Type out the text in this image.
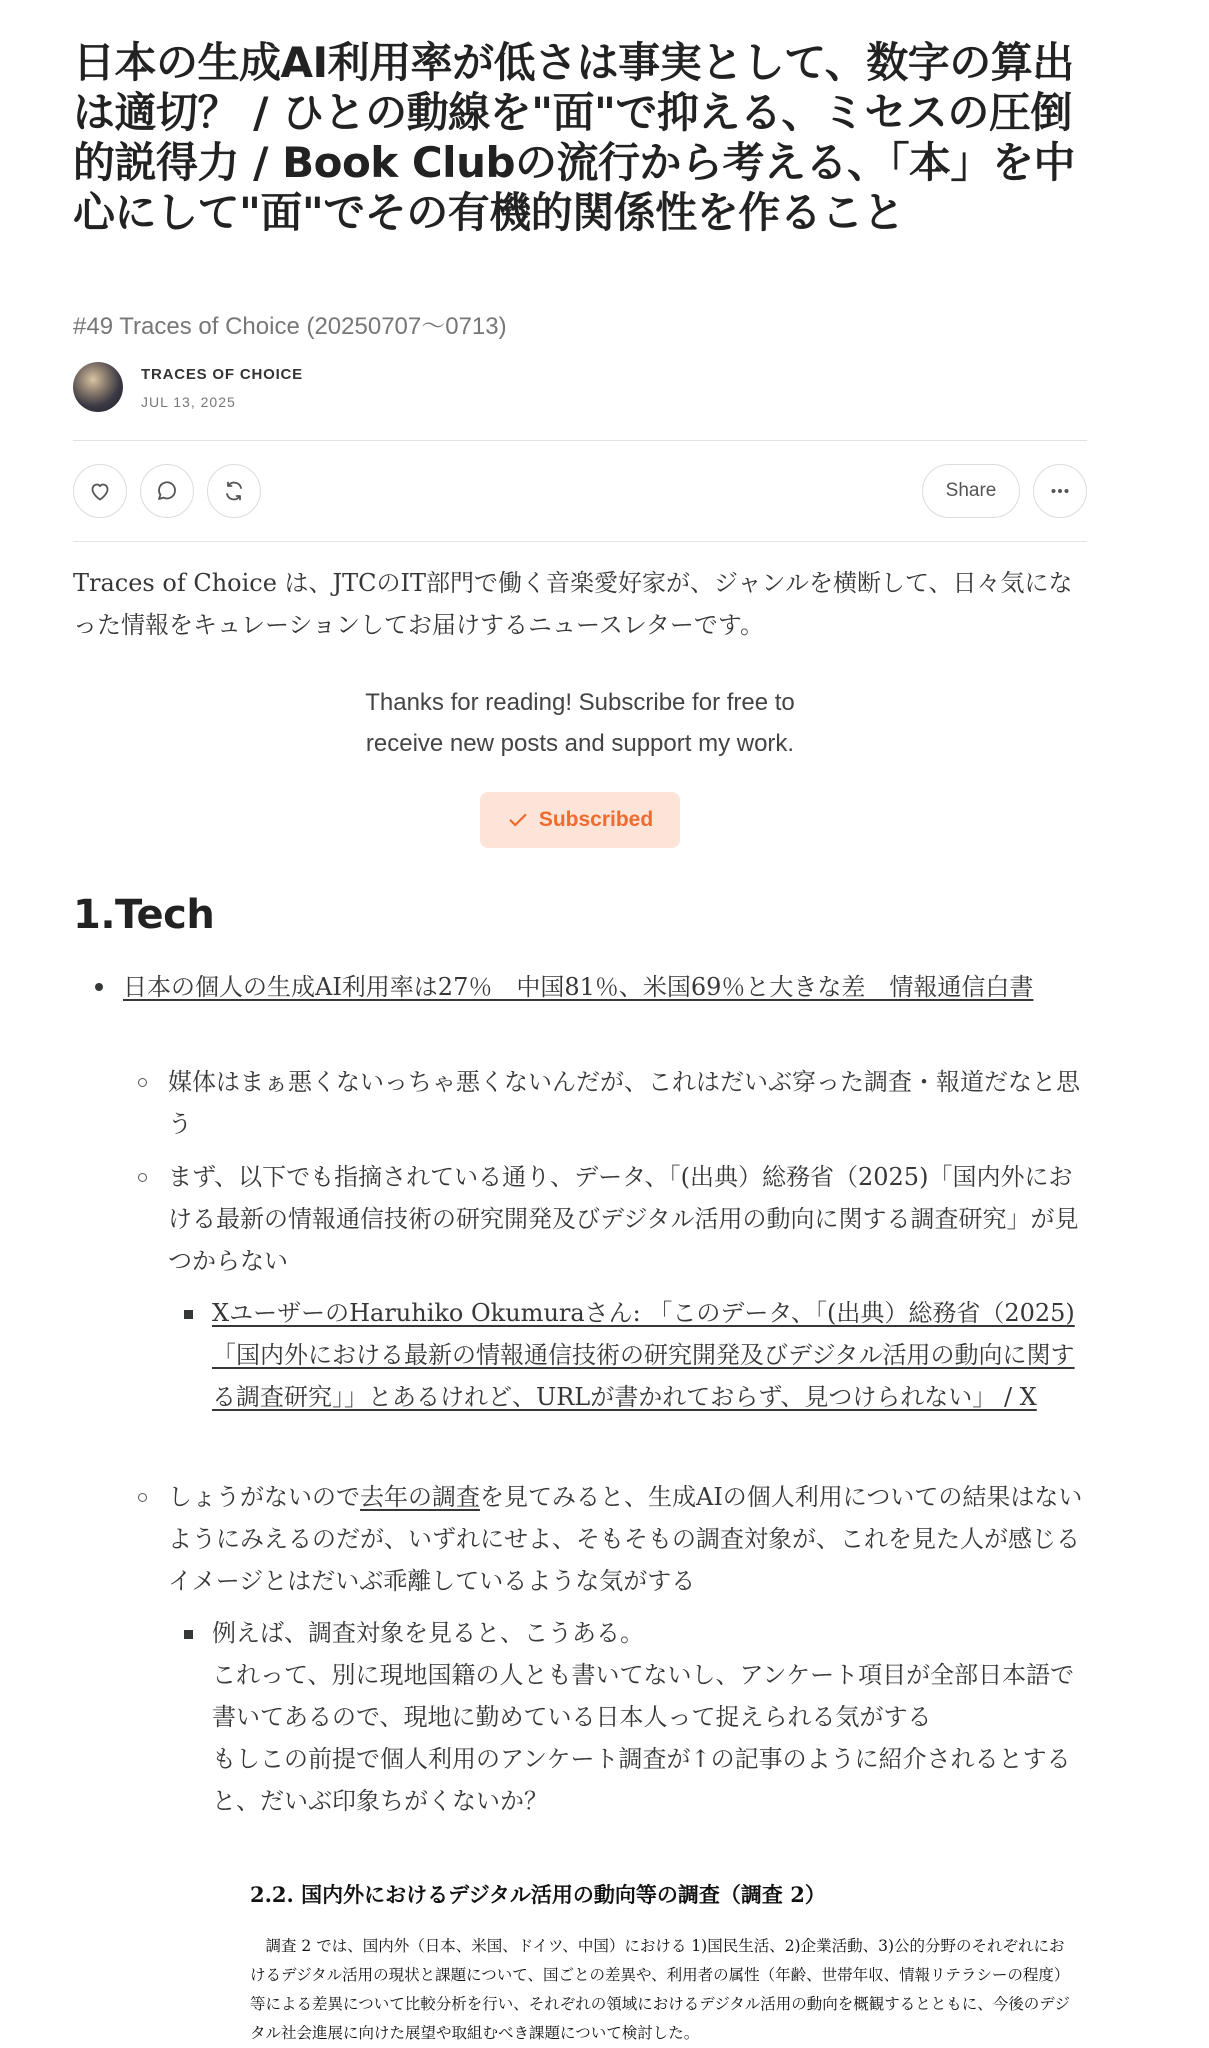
日本の生成AI利用率が低さは事実として、数字の算出は適切？ / ひとの動線を"面"で抑える、ミセスの圧倒的説得力 / Book Clubの流行から考える、「本」を中心にして"面"でその有機的関係性を作ること
#49 Traces of Choice (20250707〜0713)
TRACES OF CHOICE
JUL 13, 2025
Share
Traces of Choice は、JTCのIT部門で働く音楽愛好家が、ジャンルを横断して、日々気になった情報をキュレーションしてお届けするニュースレターです。
Thanks for reading! Subscribe for free to
receive new posts and support my work.
Subscribed
1.Tech
日本の個人の生成AI利用率は27％　中国81％、米国69％と大きな差　情報通信白書
媒体はまぁ悪くないっちゃ悪くないんだが、これはだいぶ穿った調査・報道だなと思う
まず、以下でも指摘されている通り、データ、「(出典）総務省（2025)「国内外における最新の情報通信技術の研究開発及びデジタル活用の動向に関する調査研究」が見つからない
XユーザーのHaruhiko Okumuraさん: 「このデータ、「(出典）総務省（2025)「国内外における最新の情報通信技術の研究開発及びデジタル活用の動向に関する調査研究」」とあるけれど、URLが書かれておらず、見つけられない」 / X
しょうがないので去年の調査を見てみると、生成AIの個人利用についての結果はないようにみえるのだが、いずれにせよ、そもそもの調査対象が、これを見た人が感じるイメージとはだいぶ乖離しているような気がする
例えば、調査対象を見ると、こうある。
これって、別に現地国籍の人とも書いてないし、アンケート項目が全部日本語で書いてあるので、現地に勤めている日本人って捉えられる気がする
もしこの前提で個人利用のアンケート調査が↑の記事のように紹介されるとすると、だいぶ印象ちがくないか？
2.2. 国内外におけるデジタル活用の動向等の調査（調査 2）
調査 2 では、国内外（日本、米国、ドイツ、中国）における 1)国民生活、2)企業活動、3)公的分野のそれぞれにおけるデジタル活用の現状と課題について、国ごとの差異や、利用者の属性（年齢、世帯年収、情報リテラシーの程度）等による差異について比較分析を行い、それぞれの領域におけるデジタル活用の動向を概観するとともに、今後のデジタル社会進展に向けた展望や取組むべき課題について検討した。
